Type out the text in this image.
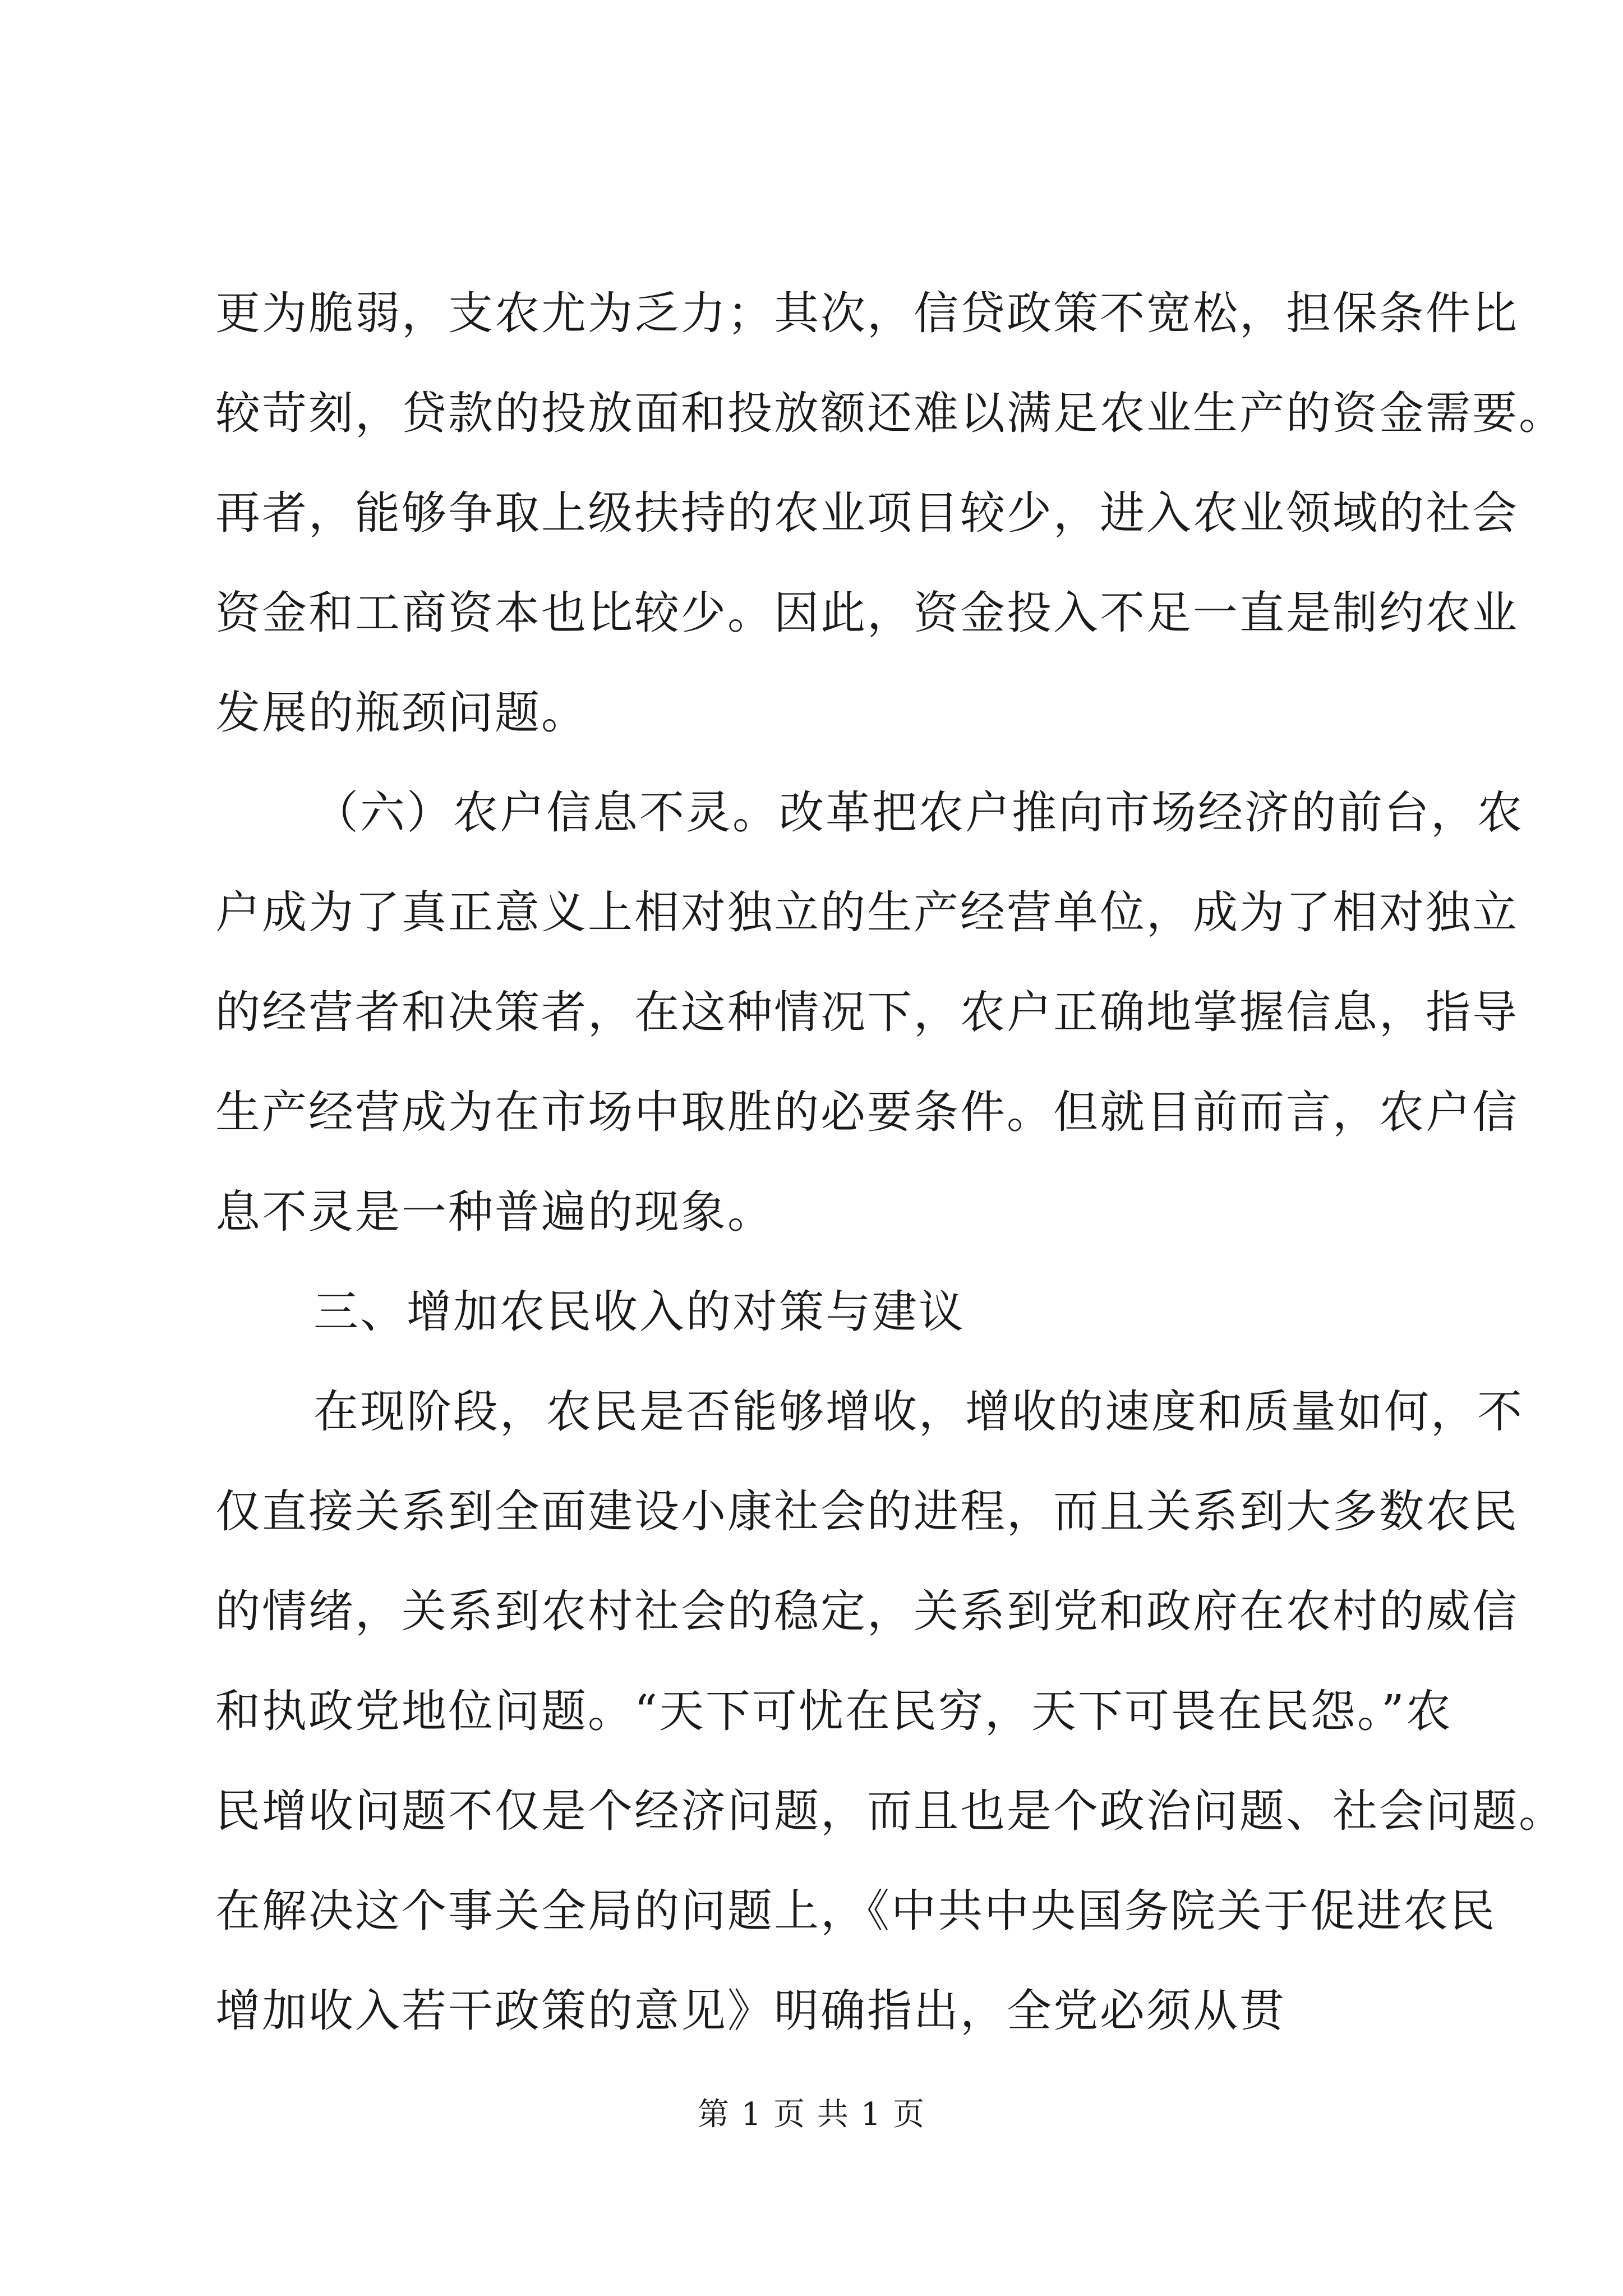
更为脆弱，支农尤为乏力；其次，信贷政策不宽松，担保条件比
较苛刻，贷款的投放面和投放额还难以满足农业生产的资金需要。
再者，能够争取上级扶持的农业项目较少，进入农业领域的社会
资金和工商资本也比较少。因此，资金投入不足一直是制约农业
发展的瓶颈问题。
（六）农户信息不灵。改革把农户推向市场经济的前台，农
户成为了真正意义上相对独立的生产经营单位，成为了相对独立
的经营者和决策者，在这种情况下，农户正确地掌握信息，指导
生产经营成为在市场中取胜的必要条件。但就目前而言，农户信
息不灵是一种普遍的现象。
三、增加农民收入的对策与建议
在现阶段，农民是否能够增收，增收的速度和质量如何，不
仅直接关系到全面建设小康社会的进程，而且关系到大多数农民
的情绪，关系到农村社会的稳定，关系到党和政府在农村的威信
和执政党地位问题。“天下可忧在民穷，天下可畏在民怨。”农
民增收问题不仅是个经济问题，而且也是个政治问题、社会问题。
在解决这个事关全局的问题上，《中共中央国务院关于促进农民
增加收入若干政策的意见》明确指出，全党必须从贯
第 1 页 共 1 页
